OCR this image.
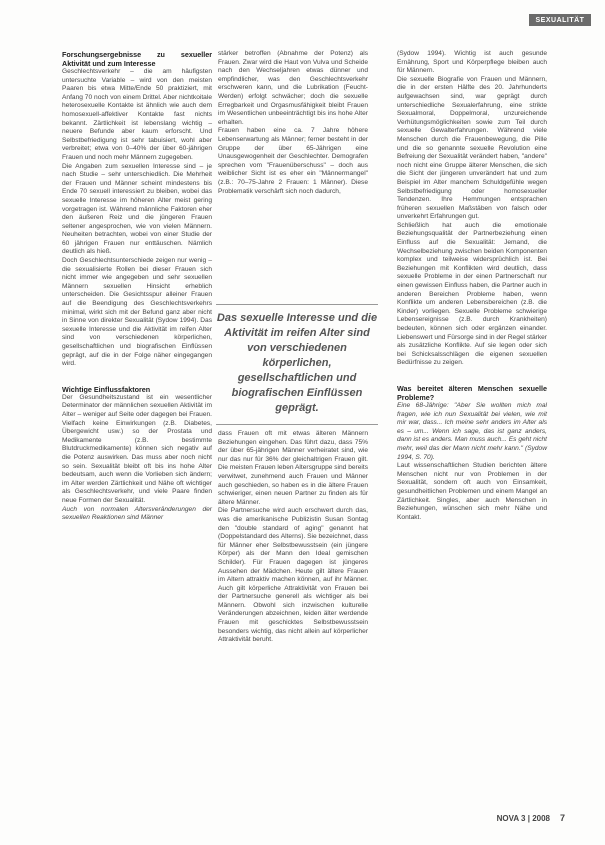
SEXUALITÄT

Forschungsergebnisse zu sexueller Aktivität und zum Interesse

Geschlechtsverkehr – die am häufigsten untersuchte Variable – wird von den meisten Paaren bis etwa Mitte/Ende 50 praktiziert, mit Anfang 70 noch von einem Drittel. Aber nichtkoitale heterosexuelle Kontakte ist ähnlich wie auch dem homosexuell-affektiver Kontakte fast nichts bekannt. Zärtlichkeit ist lebenslang wichtig – neuere Befunde aber kaum erforscht. Und Selbstbefriedigung ist sehr tabuisiert, wohl aber verbreitet; etwa von 0–40% der über 60-jährigen Frauen und noch mehr Männern zugegeben.

Die Angaben zum sexuellen Interesse sind – je nach Studie – sehr unterschiedlich. Die Mehrheit der Frauen und Männer scheint mindestens bis Ende 70 sexuell interessiert zu bleiben, wobei das sexuelle Interesse im höheren Alter meist gering vorgetragen ist. Während männliche Faktoren eher den äußeren Reiz und die jüngeren Frauen seltener angesprochen, wie von vielen Männern. Neuheiten betrachten, wobei von einer Studie der 60 jährigen Frauen nur enttäuschen. Nämlich deutlich als hieß.

Doch Geschlechtsunterschiede zeigen nur wenig – die sexualisierte Rollen bei dieser Frauen sich nicht immer wie angegeben und sehr sexuellen Männern sexuellen Hinsicht erheblich unterscheiden. Die Gesichtsspur alleiner Frauen auf die Beendigung des Geschlechtsverkehrs minimal, wirkt sich mit der Befund ganz aber nicht in Sinne von direkter Sexualität (Sydow 1994). Das sexuelle Interesse und die Aktivität im reifen Alter sind von verschiedenen körperlichen, gesellschaftlichen und biografischen Einflüssen geprägt, auf die in der Folge näher eingegangen wird.

Wichtige Einflussfaktoren

Der Gesundheitszustand ist ein wesentlicher Determinator der männlichen sexuellen Aktivität im Alter – weniger auf Seite oder dagegen bei Frauen. Vielfach keine Einwirkungen (z.B. Diabetes, Übergewicht usw.) so der Prostata und Medikamente (z.B. bestimmte Blutdruckmedikamente) können sich negativ auf die Potenz auswirken. Das muss aber noch nicht so sein. Sexualität bleibt oft bis ins hohe Alter bedeutsam, auch wenn die Vorlieben sich ändern; im Alter werden Zärtlichkeit und Nähe oft wichtiger als Geschlechtsverkehr, und viele Paare finden neue Formen der Sexualität.

Auch von normalen Altersveränderungen der sexuellen Reaktionen sind Männer

stärker betroffen (Abnahme der Potenz) als Frauen. Zwar wird die Haut von Vulva und Scheide nach den Wechseljahren etwas dünner und empfindlicher, was den Geschlechtsverkehr erschweren kann, und die Lubrikation (Feucht-Werden) erfolgt schwächer; doch die sexuelle Erregbarkeit und Orgasmusfähigkeit bleibt Frauen im Wesentlichen unbeeinträchtigt bis ins hohe Alter erhalten.

Frauen haben eine ca. 7 Jahre höhere Lebenserwartung als Männer; ferner besteht in der Gruppe der über 65-Jährigen eine Unausgewogenheit der Geschlechter. Demografen sprechen vom "Frauenüberschuss" – doch aus weiblicher Sicht ist es eher ein "Männermangel" (z.B.: 70–75-Jahre 2 Frauen: 1 Männer). Diese Problematik verschärft sich noch dadurch,

Das sexuelle Interesse und die Aktivität im reifen Alter sind von verschiedenen körperlichen, gesellschaftlichen und biografischen Einflüssen geprägt.

dass Frauen oft mit etwas älteren Männern Beziehungen eingehen. Das führt dazu, dass 75% der über 65-jährigen Männer verheiratet sind, wie nur das nur für 36% der gleichaltrigen Frauen gilt. Die meisten Frauen leben Altersgruppe sind bereits verwitwet, zunehmend auch Frauen und Männer auch geschieden, so haben es in die ältere Frauen schwieriger, einen neuen Partner zu finden als für ältere Männer.

Die Partnersuche wird auch erschwert durch das, was die amerikanische Publizistin Susan Sontag den "double standard of aging" genannt hat (Doppelstandard des Alterns). Sie bezeichnet, dass für Männer eher Selbstbewusstsein (ein jüngere Körper) als der Mann den Ideal gemischen Schilder). Für Frauen dagegen ist jüngeres Aussehen der Mädchen. Heute gilt ältere Frauen im Altern attraktiv machen können, auf ihr Männer. Auch gilt körperliche Attraktivität von Frauen bei der Partnersuche generell als wichtiger als bei Männern. Obwohl sich inzwischen kulturelle Veränderungen abzeichnen, leiden älter werdende Frauen mit geschicktes Selbstbewusstsein besonders wichtig, das nicht allein auf körperlicher Attraktivität beruht.

(Sydow 1994). Wichtig ist auch gesunde Ernährung, Sport und Körperpflege bleiben auch für Männern.

Die sexuelle Biografie von Frauen und Männern, die in der ersten Hälfte des 20. Jahrhunderts aufgewachsen sind, war geprägt durch unterschiedliche Sexualerfahrung, eine strikte Sexualmoral, Doppelmoral, unzureichende Verhütungsmöglichkeiten sowie zum Teil durch sexuelle Gewalterfahrungen. Während viele Menschen durch die Frauenbewegung, die Pille und die so genannte sexuelle Revolution eine Befreiung der Sexualität verändert haben, "andere" noch nicht eine Gruppe älterer Menschen, die sich die Sicht der jüngeren unverändert hat und zum Beispiel im Alter manchem Schuldgefühle wegen Selbstbefriedigung oder homosexueller Tendenzen. Ihre Hemmungen entsprachen früheren sexuellen Maßstäben von falsch oder unverkehrt Erfahrungen gut.

Schließlich hat auch die emotionale Beziehungsqualität der Partnerbeziehung einen Einfluss auf die Sexualität: Jemand, die Wechselbeziehung zwischen beiden Komponenten komplex und teilweise widersprüchlich ist. Bei Beziehungen mit Konflikten wird deutlich, dass sexuelle Probleme in der einen Partnerschaft nur einen gewissen Einfluss haben, die Partner auch in anderen Bereichen Probleme haben, wenn Konflikte um anderen Lebensbereichen (z.B. die Kinder) vorliegen. Sexuelle Probleme schwierige Lebensereignisse (z.B. durch Krankheiten) bedeuten, können sich oder ergänzen einander. Liebenswert und Fürsorge sind in der Regel stärker als zusätzliche Konflikte. Auf sie legen oder sich bei Schicksalsschlägen die eigenen sexuellen Bedürfnisse zu zeigen.

Was bereitet älteren Menschen sexuelle Probleme?

Eine 68-Jährige: "Aber Sie wollten mich mal fragen, wie ich nun Sexualität bei vielen, wie mit mir war, dass... Ich meine sehr anders im Alter als es – um... Wenn ich sage, das ist ganz anders, dann ist es anders. Man muss auch... Es geht nicht mehr, weil das der Mann nicht mehr kann." (Sydow 1994, S. 70).

Laut wissenschaftlichen Studien berichten ältere Menschen nicht nur von Problemen in der Sexualität, sondern oft auch von Einsamkeit, gesundheitlichen Problemen und einem Mangel an Zärtlichkeit. Singles, aber auch Menschen in Beziehungen, wünschen sich mehr Nähe und Kontakt.

NOVA 3 | 2008 7
